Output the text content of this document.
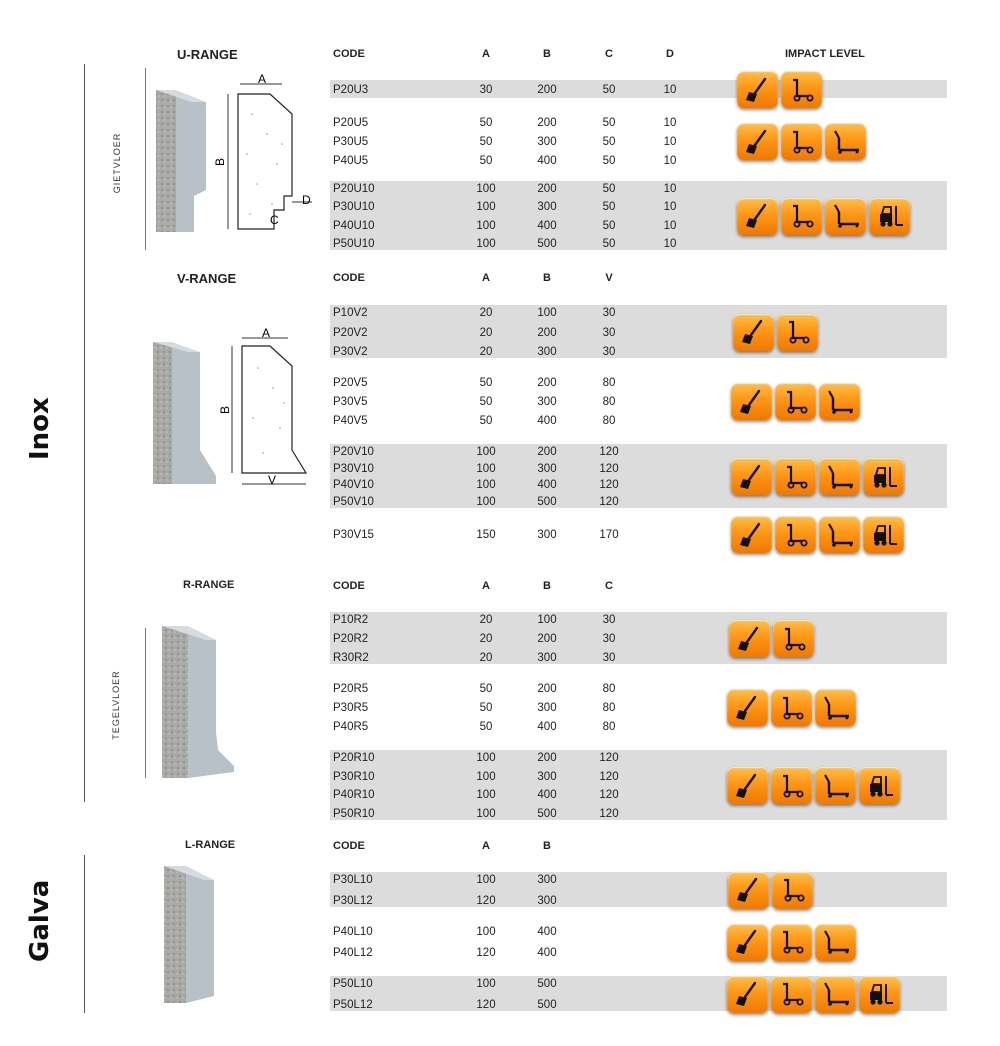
Inox
Galva
GIETVLOER
TEGELVLOER
A
B
D
C
A
B
V
U-RANGE
V-RANGE
R-RANGE
L-RANGE
IMPACT LEVEL
CODE	A	B	C	D
P20U3	30	200	50	10
P20U5	50	200	50	10
P30U5	50	300	50	10
P40U5	50	400	50	10
P20U10	100	200	50	10
P30U10	100	300	50	10
P40U10	100	400	50	10
P50U10	100	500	50	10
CODE	A	B	V
P10V2	20	100	30
P20V2	20	200	30
P30V2	20	300	30
P20V5	50	200	80
P30V5	50	300	80
P40V5	50	400	80
P20V10	100	200	120
P30V10	100	300	120
P40V10	100	400	120
P50V10	100	500	120
P30V15	150	300	170
CODE	A	B	C
P10R2	20	100	30
P20R2	20	200	30
R30R2	20	300	30
P20R5	50	200	80
P30R5	50	300	80
P40R5	50	400	80
P20R10	100	200	120
P30R10	100	300	120
P40R10	100	400	120
P50R10	100	500	120
CODE	A	B
P30L10	100	300
P30L12	120	300
P40L10	100	400
P40L12	120	400
P50L10	100	500
P50L12	120	500
